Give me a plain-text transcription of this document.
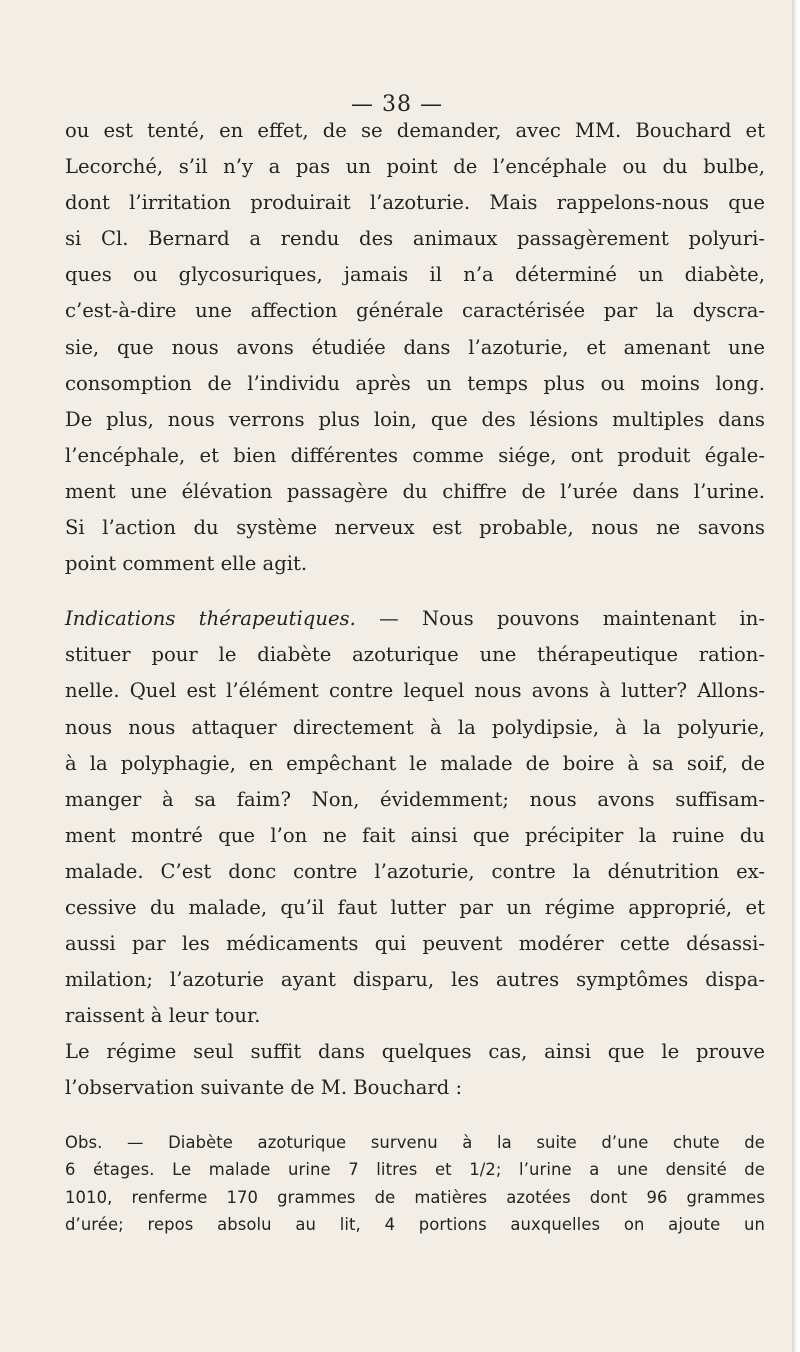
— 38 —
ou est tenté, en effet, de se demander, avec MM. Bouchard et
Lecorché, s’il n’y a pas un point de l’encéphale ou du bulbe,
dont l’irritation produirait l’azoturie. Mais rappelons-nous que
si Cl. Bernard a rendu des animaux passagèrement polyuri-
ques ou glycosuriques, jamais il n’a déterminé un diabète,
c’est-à-dire une affection générale caractérisée par la dyscra-
sie, que nous avons étudiée dans l’azoturie, et amenant une
consomption de l’individu après un temps plus ou moins long.
De plus, nous verrons plus loin, que des lésions multiples dans
l’encéphale, et bien différentes comme siége, ont produit égale-
ment une élévation passagère du chiffre de l’urée dans l’urine.
Si l’action du système nerveux est probable, nous ne savons
point comment elle agit.
Indications thérapeutiques. — Nous pouvons maintenant in-
stituer pour le diabète azoturique une thérapeutique ration-
nelle. Quel est l’élément contre lequel nous avons à lutter? Allons-
nous nous attaquer directement à la polydipsie, à la polyurie,
à la polyphagie, en empêchant le malade de boire à sa soif, de
manger à sa faim? Non, évidemment; nous avons suffisam-
ment montré que l’on ne fait ainsi que précipiter la ruine du
malade. C’est donc contre l’azoturie, contre la dénutrition ex-
cessive du malade, qu’il faut lutter par un régime approprié, et
aussi par les médicaments qui peuvent modérer cette désassi-
milation; l’azoturie ayant disparu, les autres symptômes dispa-
raissent à leur tour.
Le régime seul suffit dans quelques cas, ainsi que le prouve
l’observation suivante de M. Bouchard :
Obs. — Diabète azoturique survenu à la suite d’une chute de
6 étages. Le malade urine 7 litres et 1/2; l’urine a une densité de
1010, renferme 170 grammes de matières azotées dont 96 grammes
d’urée; repos absolu au lit, 4 portions auxquelles on ajoute un
